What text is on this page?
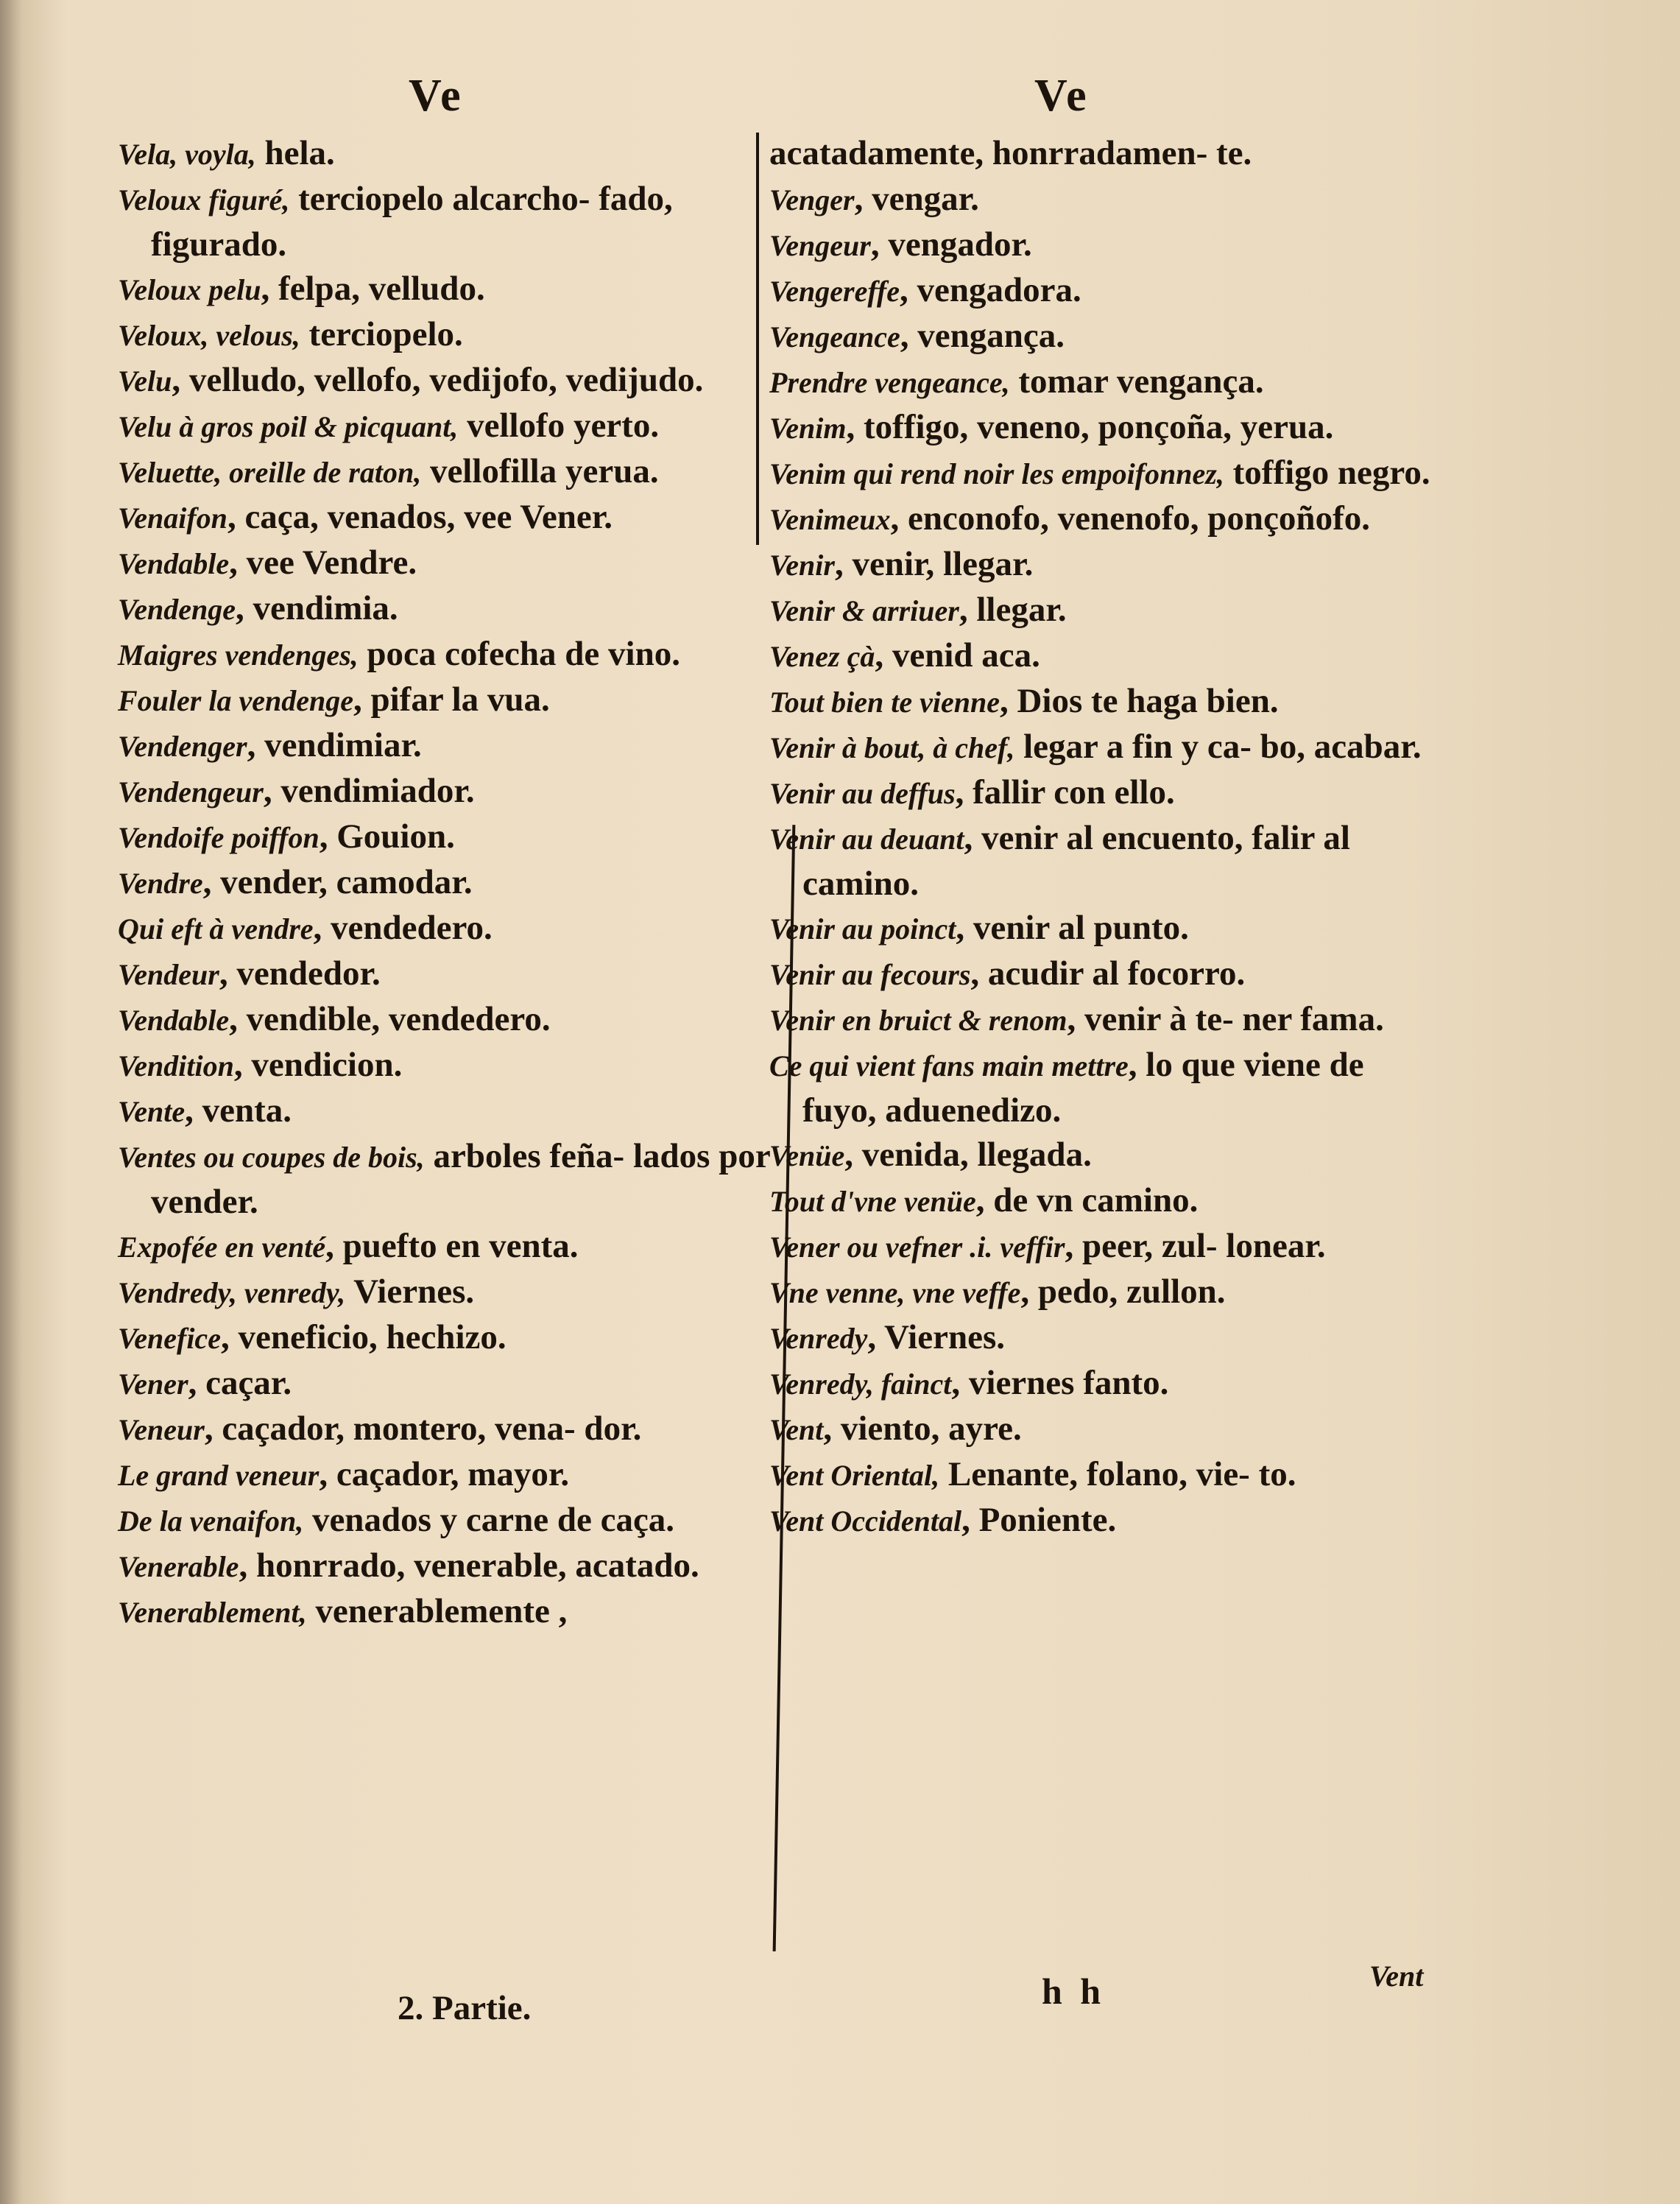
Ve	Ve

Vela, voyla, hela.

Veloux figuré, terciopelo alcarcho- fado, figurado.

Veloux pelu, felpa, velludo.

Veloux, velous, terciopelo.

Velu, velludo, vellofo, vedijofo, vedijudo.

Velu à gros poil & picquant, vellofo yerto.

Veluette, oreille de raton, vellofilla yerua.

Venaifon, caça, venados, vee Vener.

Vendable, vee Vendre.

Vendenge, vendimia.

Maigres vendenges, poca cofecha de vino.

Fouler la vendenge, pifar la vua.

Vendenger, vendimiar.

Vendengeur, vendimiador.

Vendoife poiffon, Gouion.

Vendre, vender, camodar.

Qui eft à vendre, vendedero.

Vendeur, vendedor.

Vendable, vendible, vendedero.

Vendition, vendicion.

Vente, venta.

Ventes ou coupes de bois, arboles feña- lados por vender.

Expofée en venté, puefto en venta.

Vendredy, venredy, Viernes.

Venefice, veneficio, hechizo.

Vener, caçar.

Veneur, caçador, montero, vena- dor.

Le grand veneur, caçador, mayor.

De la venaifon, venados y carne de caça.

Venerable, honrrado, venerable, acatado.

Venerablement, venerablemente ,

acatadamente, honrradamen- te.

Venger, vengar.

Vengeur, vengador.

Vengereffe, vengadora.

Vengeance, vengança.

Prendre vengeance, tomar vengança.

Venim, toffigo, veneno, ponçoña, yerua.

Venim qui rend noir les empoifonnez, toffigo negro.

Venimeux, enconofo, venenofo, ponçoñofo.

Venir, venir, llegar.

Venir & arriuer, llegar.

Venez çà, venid aca.

Tout bien te vienne, Dios te haga bien.

Venir à bout, à chef, legar a fin y ca- bo, acabar.

Venir au deffus, fallir con ello.

Venir au deuant, venir al encuento, falir al camino.

Venir au poinct, venir al punto.

Venir au fecours, acudir al focorro.

Venir en bruict & renom, venir à te- ner fama.

Ce qui vient fans main mettre, lo que viene de fuyo, aduenedizo.

Venüe, venida, llegada.

Tout d'vne venüe, de vn camino.

Vener ou vefner .i. veffir, peer, zul- lonear.

Vne venne, vne veffe, pedo, zullon.

Venredy, Viernes.

Venredy, fainct, viernes fanto.

Vent, viento, ayre.

Vent Oriental, Lenante, folano, vie- to.

Vent Occidental, Poniente.

2. Partie.	h h	Vent
